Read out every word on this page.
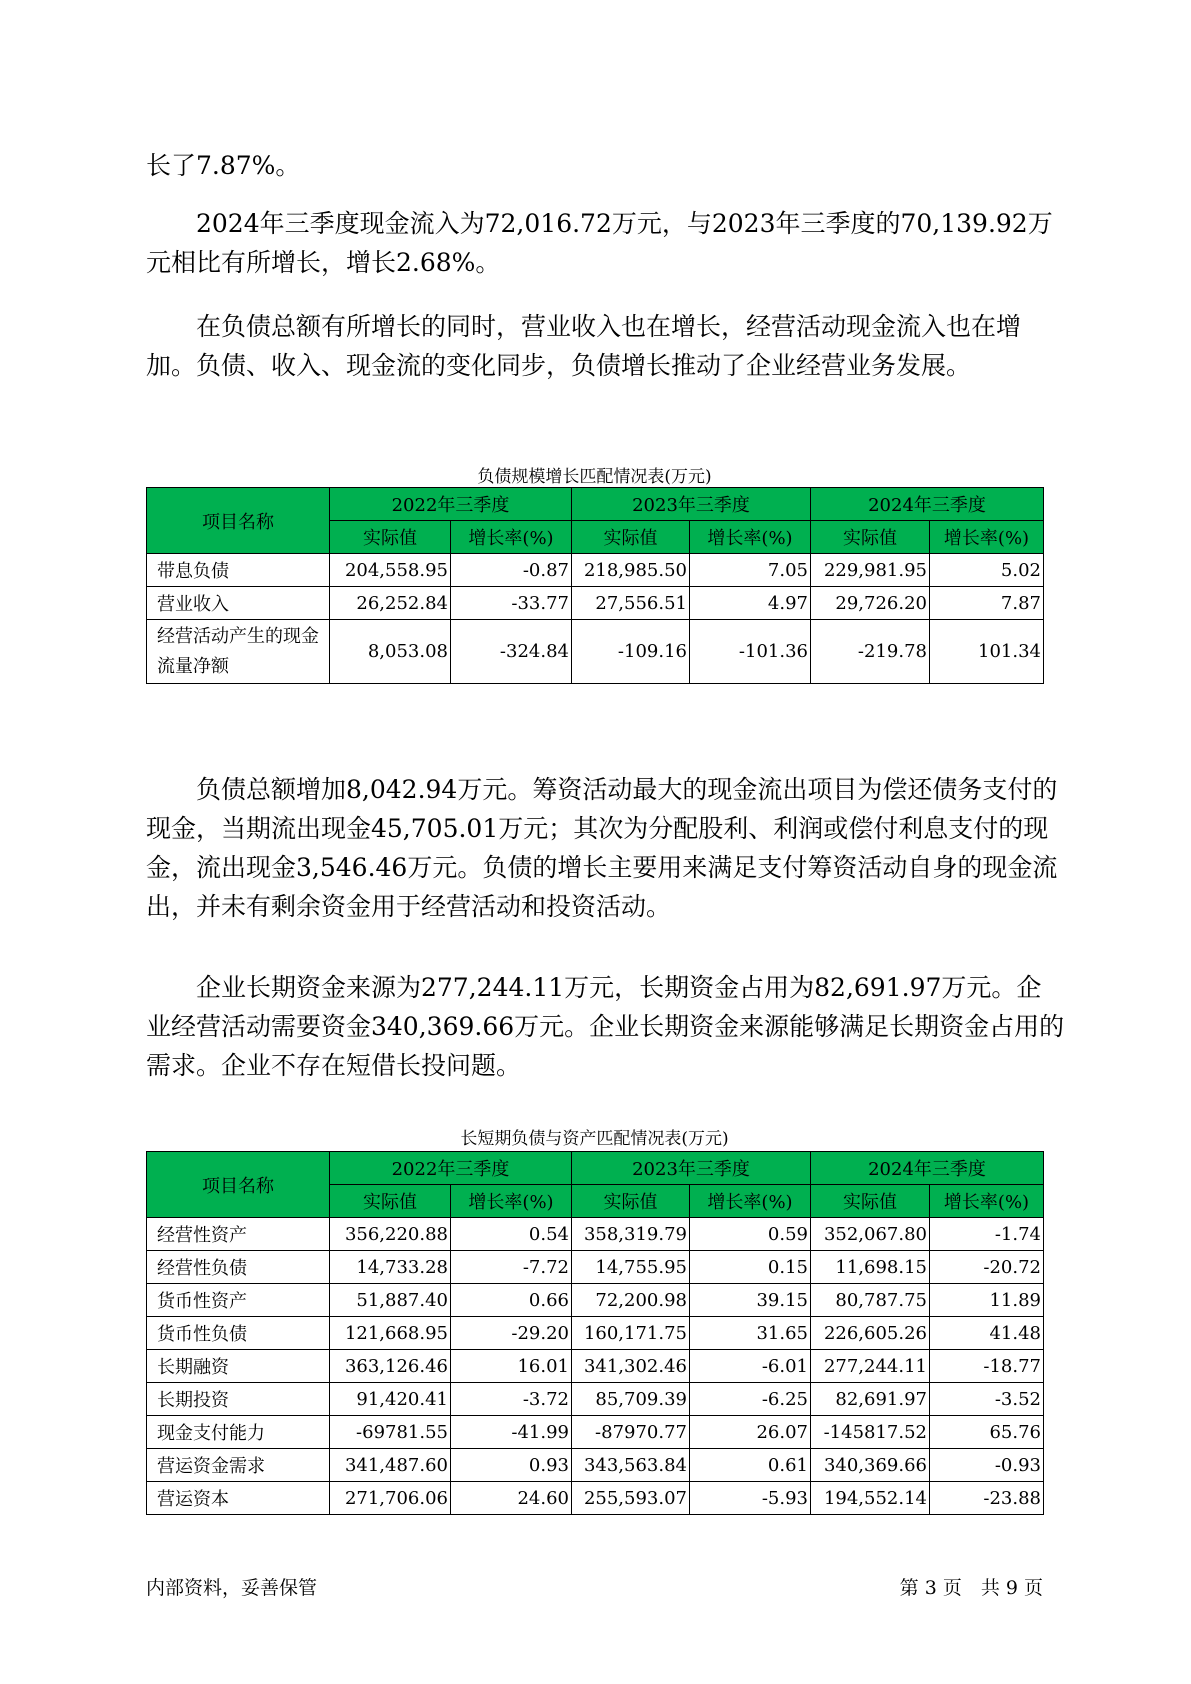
长了7.87%。

2024年三季度现金流入为72,016.72万元，与2023年三季度的70,139.92万元相比有所增长，增长2.68%。

在负债总额有所增长的同时，营业收入也在增长，经营活动现金流入也在增加。负债、收入、现金流的变化同步，负债增长推动了企业经营业务发展。

负债规模增长匹配情况表(万元)

项目名称	2022年三季度		2023年三季度		2024年三季度	
	实际值	增长率(%)	实际值	增长率(%)	实际值	增长率(%)
带息负债	204,558.95	-0.87	218,985.50	7.05	229,981.95	5.02
营业收入	26,252.84	-33.77	27,556.51	4.97	29,726.20	7.87
经营活动产生的现金流量净额	8,053.08	-324.84	-109.16	-101.36	-219.78	101.34

负债总额增加8,042.94万元。筹资活动最大的现金流出项目为偿还债务支付的现金，当期流出现金45,705.01万元；其次为分配股利、利润或偿付利息支付的现金，流出现金3,546.46万元。负债的增长主要用来满足支付筹资活动自身的现金流出，并未有剩余资金用于经营活动和投资活动。

企业长期资金来源为277,244.11万元，长期资金占用为82,691.97万元。企业经营活动需要资金340,369.66万元。企业长期资金来源能够满足长期资金占用的需求。企业不存在短借长投问题。

长短期负债与资产匹配情况表(万元)

项目名称	2022年三季度		2023年三季度		2024年三季度	
	实际值	增长率(%)	实际值	增长率(%)	实际值	增长率(%)
经营性资产	356,220.88	0.54	358,319.79	0.59	352,067.80	-1.74
经营性负债	14,733.28	-7.72	14,755.95	0.15	11,698.15	-20.72
货币性资产	51,887.40	0.66	72,200.98	39.15	80,787.75	11.89
货币性负债	121,668.95	-29.20	160,171.75	31.65	226,605.26	41.48
长期融资	363,126.46	16.01	341,302.46	-6.01	277,244.11	-18.77
长期投资	91,420.41	-3.72	85,709.39	-6.25	82,691.97	-3.52
现金支付能力	-69781.55	-41.99	-87970.77	26.07	-145817.52	65.76
营运资金需求	341,487.60	0.93	343,563.84	0.61	340,369.66	-0.93
营运资本	271,706.06	24.60	255,593.07	-5.93	194,552.14	-23.88

内部资料，妥善保管	第 3 页　共 9 页
